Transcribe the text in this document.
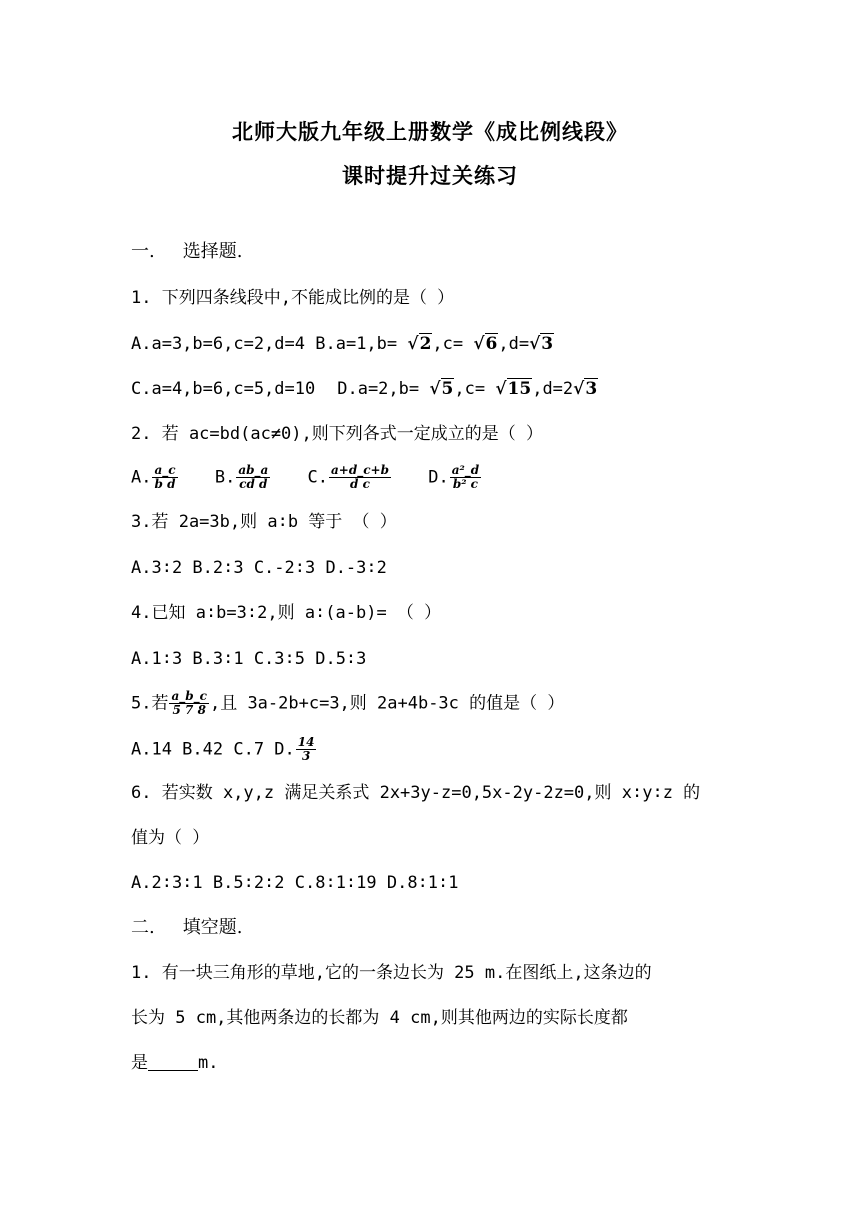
北师大版九年级上册数学《成比例线段》
课时提升过关练习
一. 选择题.
1. 下列四条线段中,不能成比例的是（ ）
A.a=3,b=6,c=2,d=4 B.a=1,b= √2,c= √6,d=√3
C.a=4,b=6,c=5,d=10 D.a=2,b= √5,c= √15,d=2√3
2. 若 ac=bd(ac≠0),则下列各式一定成立的是（ ）
A. $\frac{a\_c}{\text{b d}} B$. $\frac{ab\_a}{\text{cd d}} C$. $\frac{a+d\_c+b}{\text{d c}} D$. $\frac{\text{a²\_d}}{\text{b² c}}$
3.若 2a=3b,则 a∶b 等于 （ ）
A.3∶2 B.2∶3 C.-2∶3 D.-3∶2
4.已知 a∶b=3∶2,则 a∶(a-b)= （ ）
A.1∶3 B.3∶1 C.3∶5 D.5∶3
5.若 $\frac{a\_b\_c}{5 7 8}$ ,且 3a-2b+c=3,则 2a+4b-3c 的值是（ ）
A.14 B.42 C.7 D. $\frac{14}{3}$
6. 若实数 x,y,z 满足关系式 2x+3y-z=0,5x-2y-2z=0,则 x∶y∶z 的
值为（ ）
A.2∶3∶1 B.5∶2∶2 C.8∶1∶19 D.8∶1∶1
二. 填空题.
1. 有一块三角形的草地,它的一条边长为 25 m.在图纸上,这条边的
长为 5 cm,其他两条边的长都为 4 cm,则其他两边的实际长度都
是	m.
